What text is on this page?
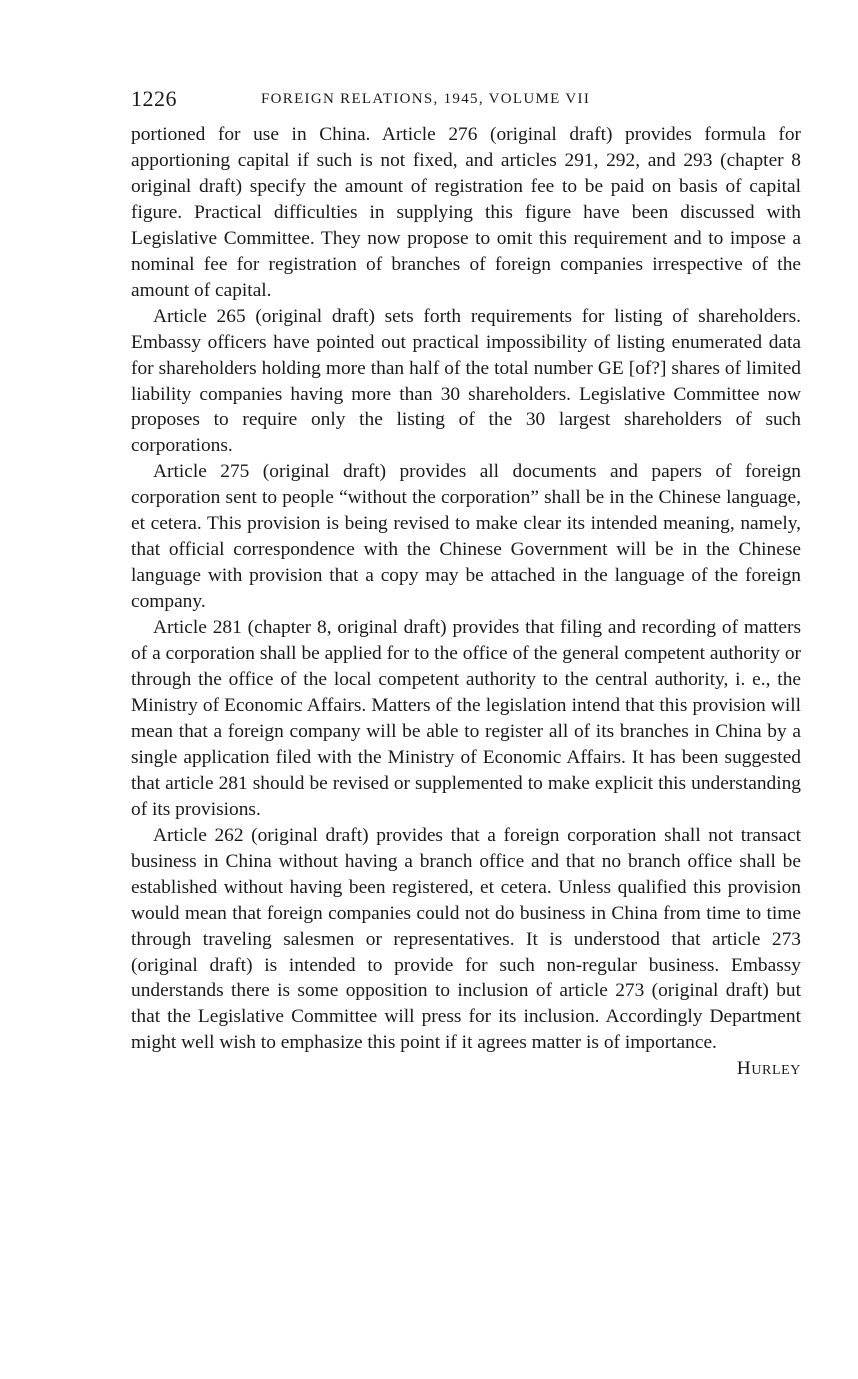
1226	FOREIGN RELATIONS, 1945, VOLUME VII

portioned for use in China. Article 276 (original draft) provides formula for apportioning capital if such is not fixed, and articles 291, 292, and 293 (chapter 8 original draft) specify the amount of registration fee to be paid on basis of capital figure. Practical difficulties in supplying this figure have been discussed with Legislative Committee. They now propose to omit this requirement and to impose a nominal fee for registration of branches of foreign companies irrespective of the amount of capital.

Article 265 (original draft) sets forth requirements for listing of shareholders. Embassy officers have pointed out practical impossibility of listing enumerated data for shareholders holding more than half of the total number GE [of?] shares of limited liability companies having more than 30 shareholders. Legislative Committee now proposes to require only the listing of the 30 largest shareholders of such corporations.

Article 275 (original draft) provides all documents and papers of foreign corporation sent to people “without the corporation” shall be in the Chinese language, et cetera. This provision is being revised to make clear its intended meaning, namely, that official correspondence with the Chinese Government will be in the Chinese language with provision that a copy may be attached in the language of the foreign company.

Article 281 (chapter 8, original draft) provides that filing and recording of matters of a corporation shall be applied for to the office of the general competent authority or through the office of the local competent authority to the central authority, i. e., the Ministry of Economic Affairs. Matters of the legislation intend that this provision will mean that a foreign company will be able to register all of its branches in China by a single application filed with the Ministry of Economic Affairs. It has been suggested that article 281 should be revised or supplemented to make explicit this understanding of its provisions.

Article 262 (original draft) provides that a foreign corporation shall not transact business in China without having a branch office and that no branch office shall be established without having been registered, et cetera. Unless qualified this provision would mean that foreign companies could not do business in China from time to time through traveling salesmen or representatives. It is understood that article 273 (original draft) is intended to provide for such non-regular business. Embassy understands there is some opposition to inclusion of article 273 (original draft) but that the Legislative Committee will press for its inclusion. Accordingly Department might well wish to emphasize this point if it agrees matter is of importance.

Hurley
